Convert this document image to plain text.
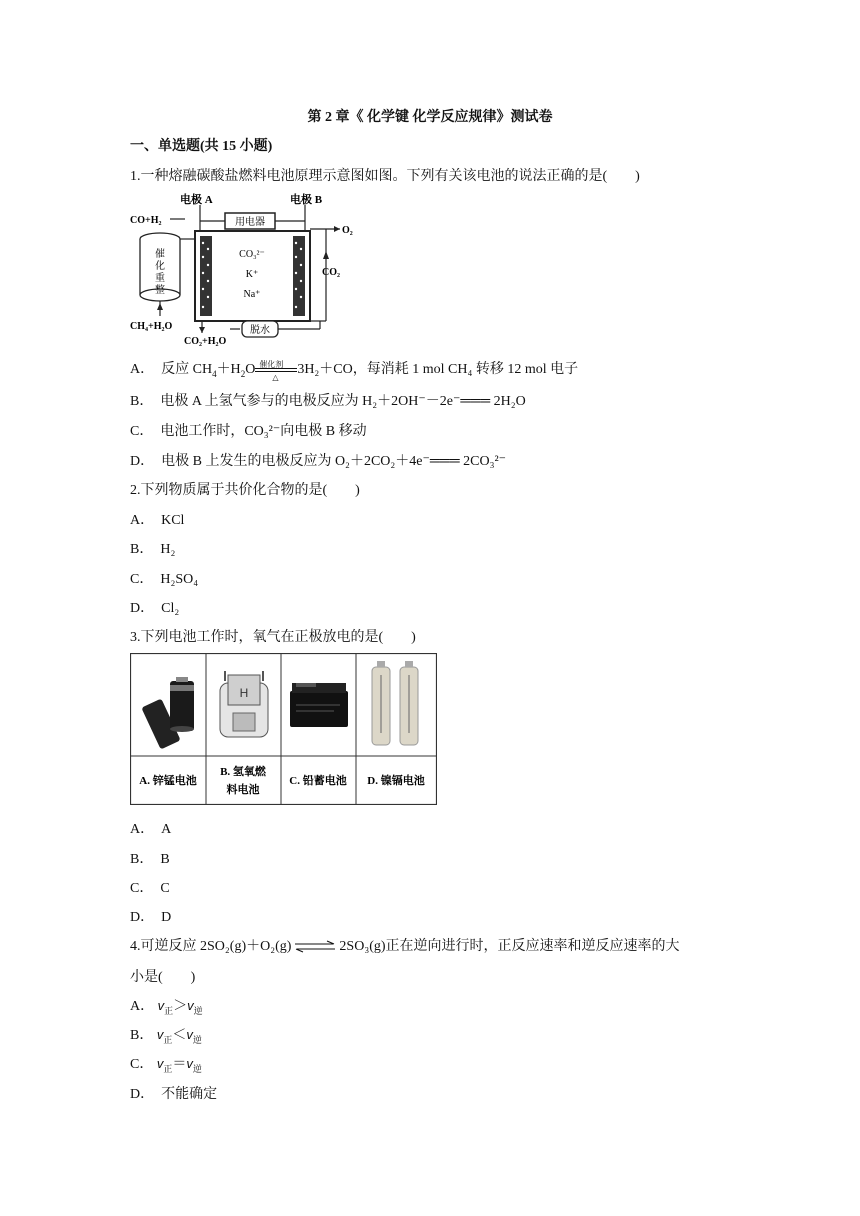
第 2 章《 化学键 化学反应规律》测试卷
一、单选题(共 15 小题)
1.一种熔融碳酸盐燃料电池原理示意图如图。下列有关该电池的说法正确的是(　　)
电极 A	电极 B
用电器
CO+H₂
CO₃²⁻
K⁺
Na⁺
O₂
CO₂
催
化
重
整
CH₄+H₂O
CO₂+H₂O
脱水
A．　反应 $CH_4+H_2O$ 催化剂
△
3H₂＋CO，每消耗 1 mol CH₄ 转移 12 mol 电子
B．　电极 A 上氢气参与的电极反应为 H₂＋2OH⁻－2e⁻═══ 2H₂O
C．　电池工作时，CO₃²⁻向电极 B 移动
D．　电极 B 上发生的电极反应为 O₂＋2CO₂＋4e⁻═══ 2CO₃²⁻
2.下列物质属于共价化合物的是(　　)
A．　KCl
B．　H₂
C．　H₂SO₄
D．　Cl₂
3.下列电池工作时，氧气在正极放电的是(　　)
H
A. 锌锰电池
B. 氢氧燃
料电池
C. 铅蓄电池 D. 镍镉电池
A．　A
B．　B
C．　C
D．　D
4.可逆反应 2SO₂(g)＋O₂(g) ⇌ 2SO₃(g)正在逆向进行时，正反应速率和逆反应速率的大
小是(　　)
A． $v_正>v_逆$
B． $v_正<v_逆$
C． $v_正=v_逆$
D．　不能确定
